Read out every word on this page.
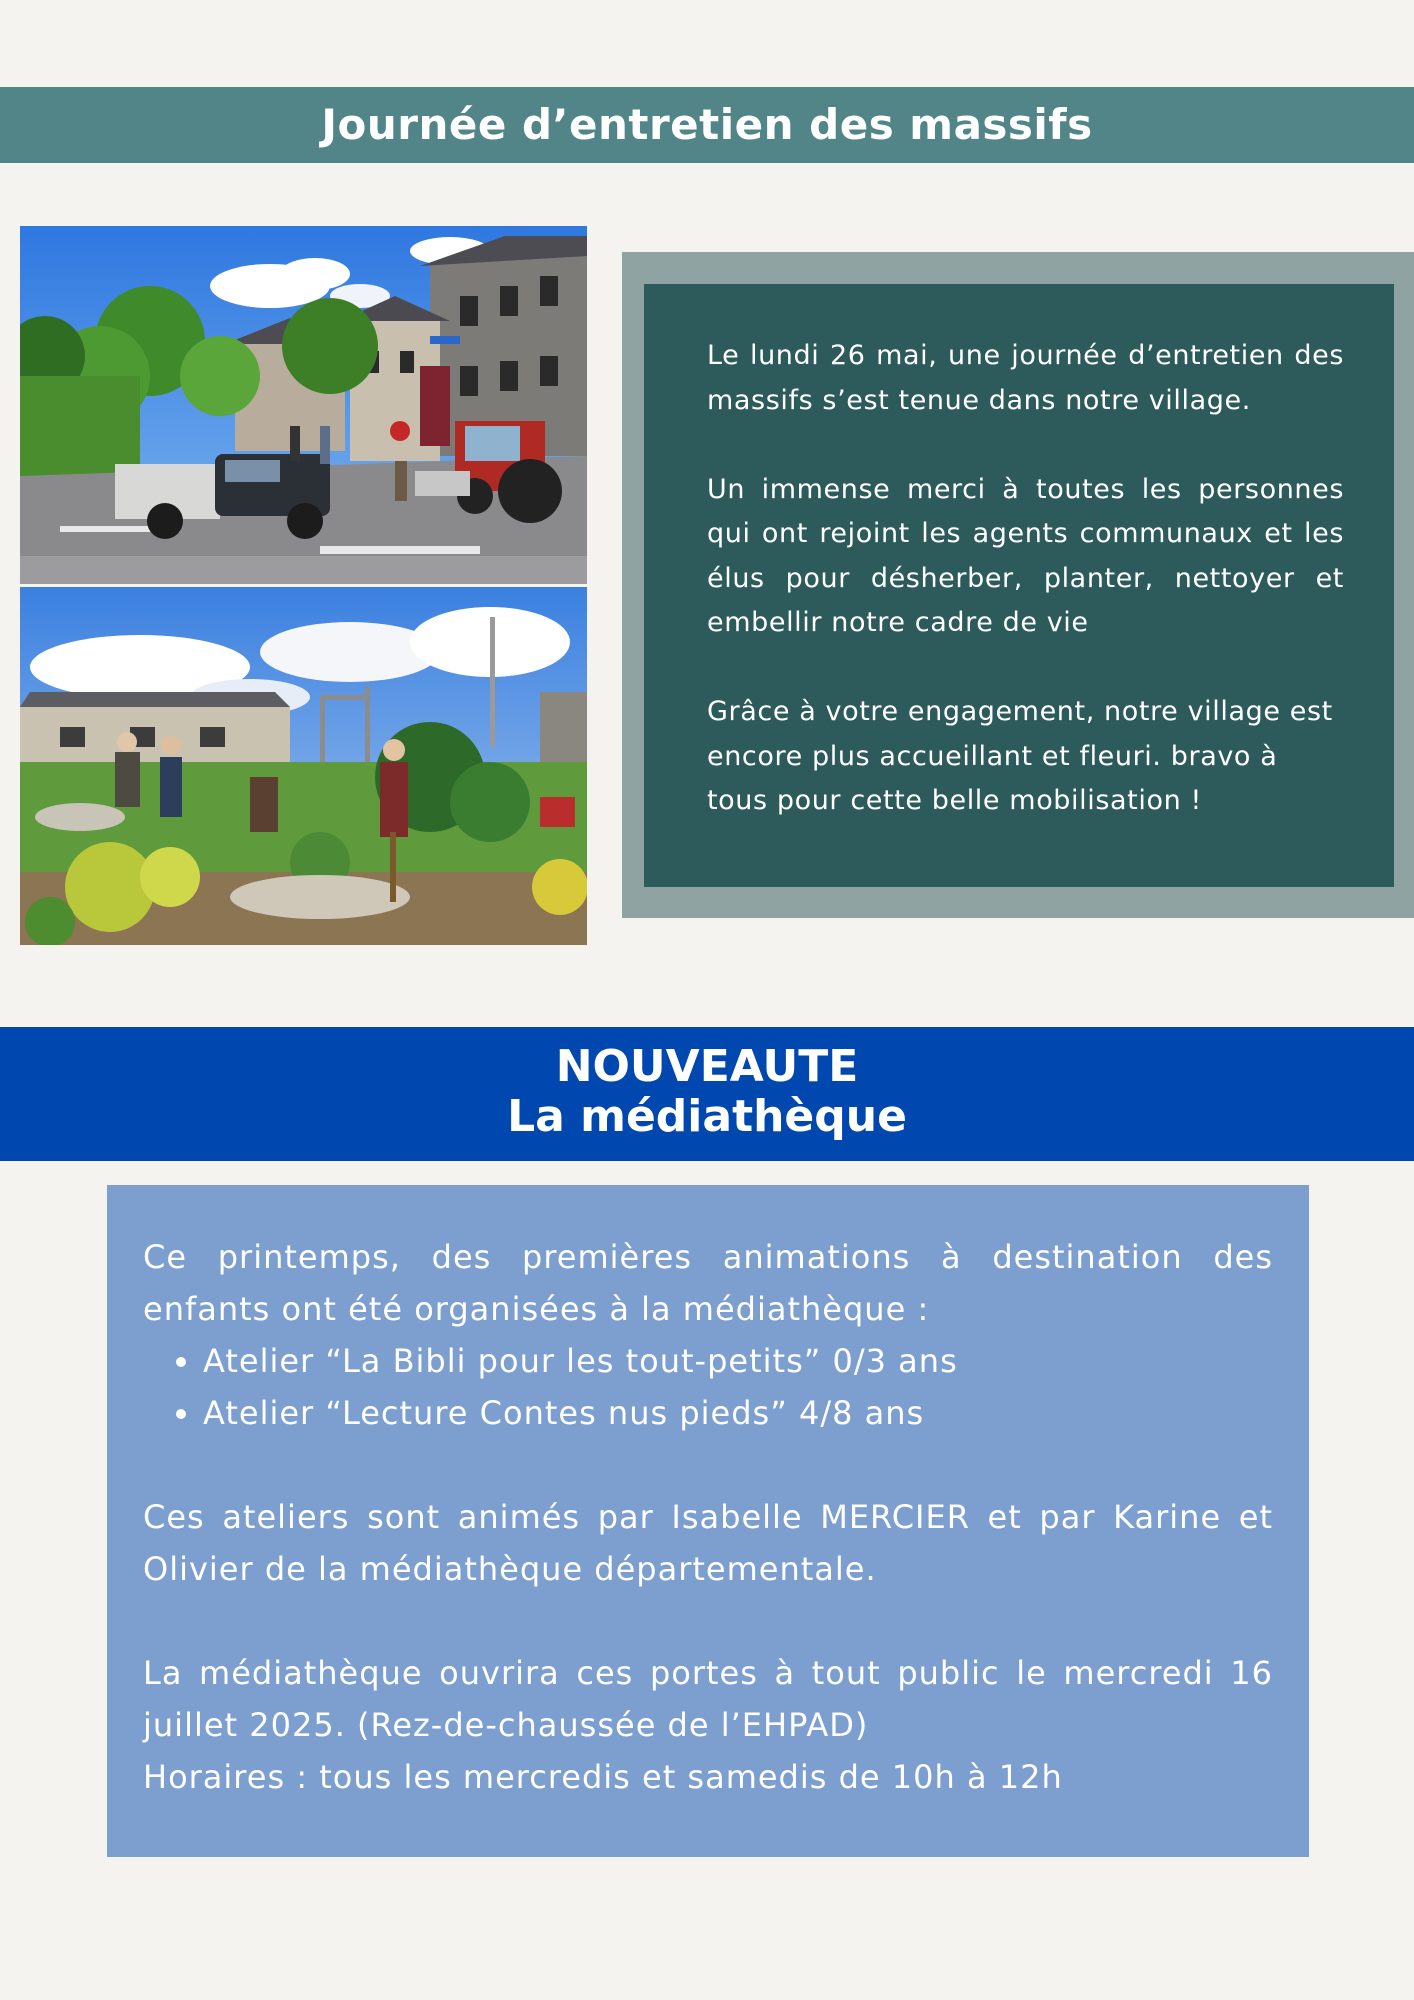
Journée d’entretien des massifs

Le lundi 26 mai, une journée d’entretien des massifs s’est tenue dans notre village.

Un immense merci à toutes les personnes qui ont rejoint les agents communaux et les élus pour désherber, planter, nettoyer et embellir notre cadre de vie

Grâce à votre engagement, notre village est encore plus accueillant et fleuri. bravo à tous pour cette belle mobilisation !

NOUVEAUTE
La médiathèque

Ce printemps, des premières animations à destination des enfants ont été organisées à la médiathèque :

• Atelier “La Bibli pour les tout-petits” 0/3 ans
• Atelier “Lecture Contes nus pieds” 4/8 ans

Ces ateliers sont animés par Isabelle MERCIER et par Karine et Olivier de la médiathèque départementale.

La médiathèque ouvrira ces portes à tout public le mercredi 16 juillet 2025. (Rez-de-chaussée de l’EHPAD)

Horaires : tous les mercredis et samedis de 10h à 12h
